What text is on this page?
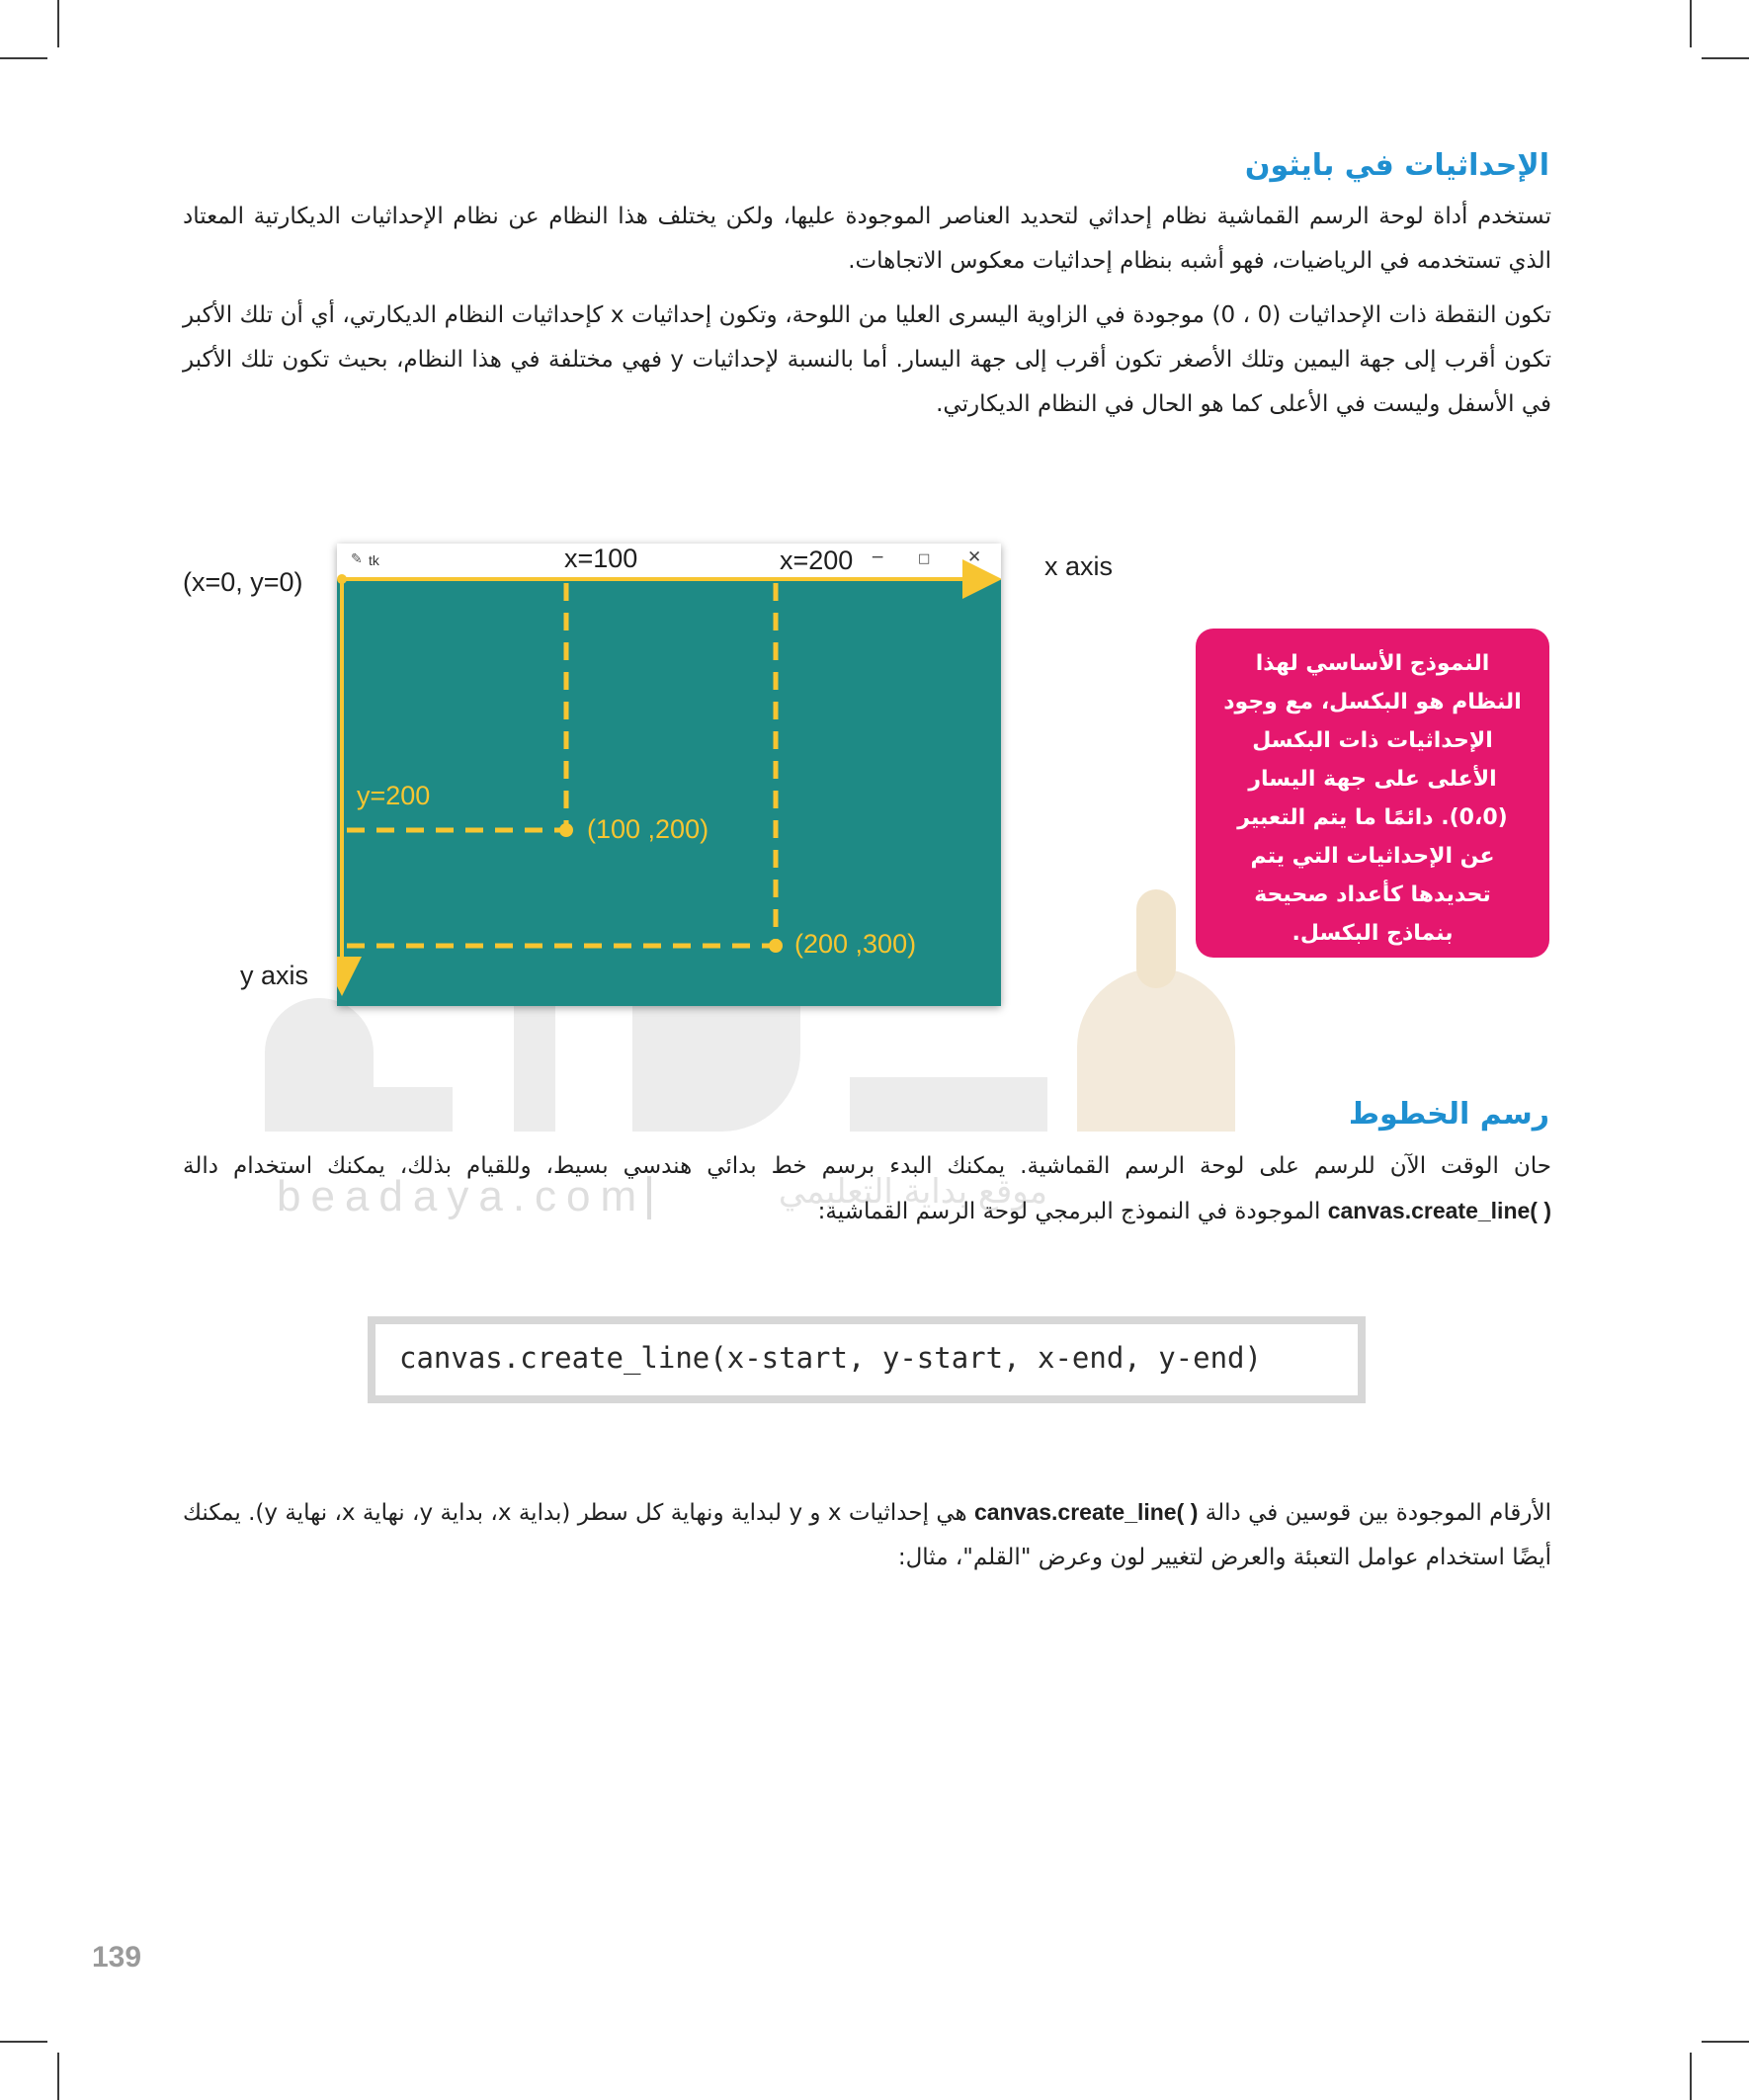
beadaya.com	موقع بداية التعليمي
الإحداثيات في بايثون

تستخدم أداة لوحة الرسم القماشية نظام إحداثي لتحديد العناصر الموجودة عليها، ولكن يختلف هذا النظام عن نظام الإحداثيات الديكارتية المعتاد الذي تستخدمه في الرياضيات، فهو أشبه بنظام إحداثيات معكوس الاتجاهات.

تكون النقطة ذات الإحداثيات (0 ، 0) موجودة في الزاوية اليسرى العليا من اللوحة، وتكون إحداثيات x كإحداثيات النظام الديكارتي، أي أن تلك الأكبر تكون أقرب إلى جهة اليمين وتلك الأصغر تكون أقرب إلى جهة اليسار. أما بالنسبة لإحداثيات y فهي مختلفة في هذا النظام، بحيث تكون تلك الأكبر في الأسفل وليست في الأعلى كما هو الحال في النظام الديكارتي.

(x=0, y=0)
x axis
y axis
✎ tk	−	□ ✕
x=100	x=200
y=200
(100 ,200)
(200 ,300)

النموذج الأساسي لهذا النظام هو البكسل، مع وجود الإحداثيات ذات البكسل الأعلى على جهة اليسار (0،0). دائمًا ما يتم التعبير عن الإحداثيات التي يتم تحديدها كأعداد صحيحة بنماذج البكسل.

رسم الخطوط

حان الوقت الآن للرسم على لوحة الرسم القماشية. يمكنك البدء برسم خط بدائي هندسي بسيط، وللقيام بذلك، يمكنك استخدام دالة canvas.create_line( ) الموجودة في النموذج البرمجي لوحة الرسم القماشية:

canvas.create_line(x-start, y-start, x-end, y-end)

الأرقام الموجودة بين قوسين في دالة canvas.create_line( ) هي إحداثيات x و y لبداية ونهاية كل سطر (بداية x، بداية y، نهاية x، نهاية y). يمكنك أيضًا استخدام عوامل التعبئة والعرض لتغيير لون وعرض "القلم"، مثال:

139
